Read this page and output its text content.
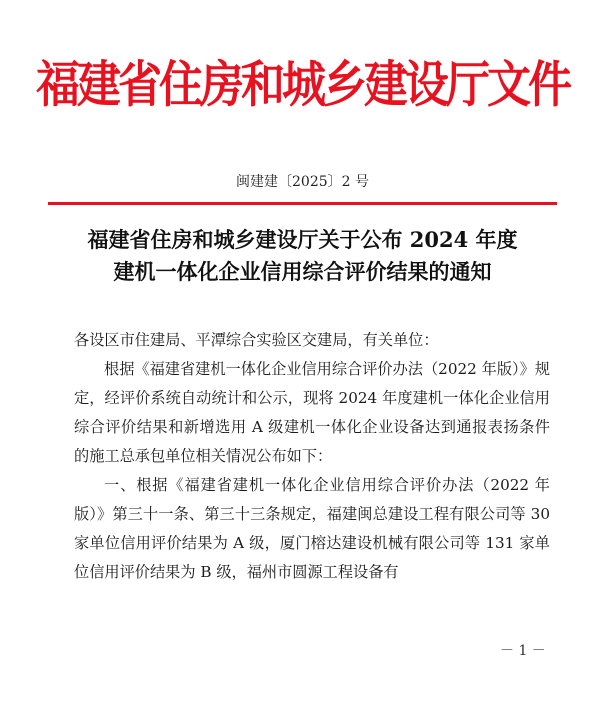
福建省住房和城乡建设厅文件
闽建建〔2025〕2 号
福建省住房和城乡建设厅关于公布 2024 年度
建机一体化企业信用综合评价结果的通知

各设区市住建局、平潭综合实验区交建局，有关单位：

根据《福建省建机一体化企业信用综合评价办法（2022 年版）》规定，经评价系统自动统计和公示，现将 2024 年度建机一体化企业信用综合评价结果和新增选用 A 级建机一体化企业设备达到通报表扬条件的施工总承包单位相关情况公布如下：

一、根据《福建省建机一体化企业信用综合评价办法（2022 年版）》第三十一条、第三十三条规定，福建闽总建设工程有限公司等 30 家单位信用评价结果为 A 级，厦门榕达建设机械有限公司等 131 家单位信用评价结果为 B 级，福州市圆源工程设备有

－ 1 －
